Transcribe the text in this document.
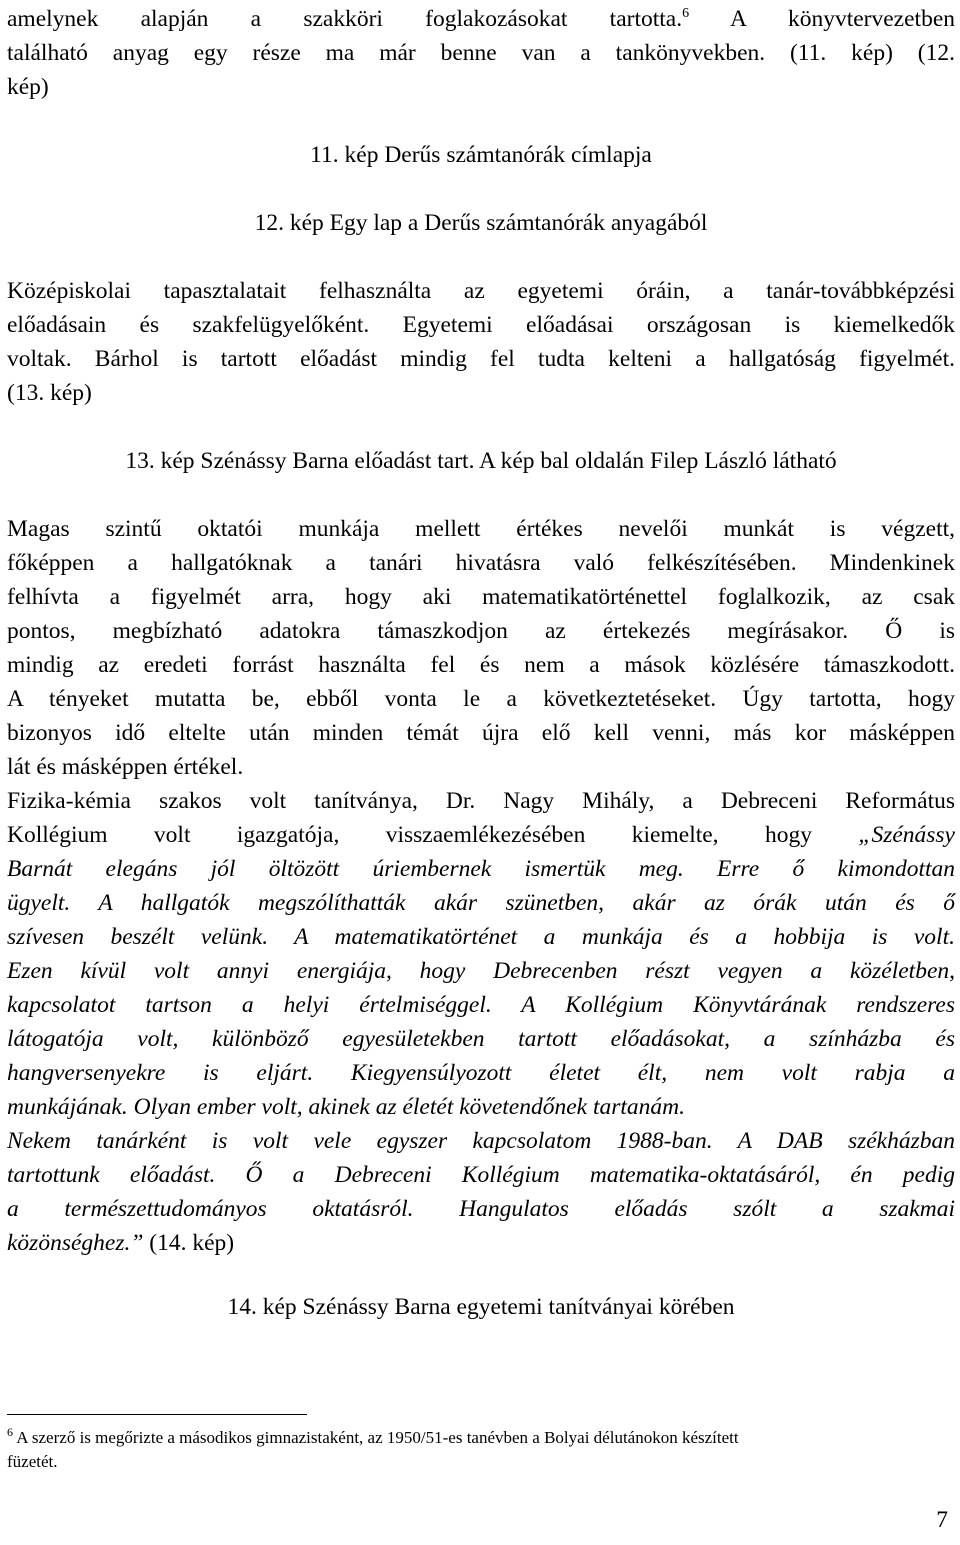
amelynek alapján a szakköri foglakozásokat tartotta.$^6$ A könyvtervezetben
található anyag egy része ma már benne van a tankönyvekben. (11. kép) (12.
kép)
11. kép Derűs számtanórák címlapja
12. kép Egy lap a Derűs számtanórák anyagából
Középiskolai tapasztalatait felhasználta az egyetemi óráin, a tanár-továbbképzési
előadásain és szakfelügyelőként. Egyetemi előadásai országosan is kiemelkedők
voltak. Bárhol is tartott előadást mindig fel tudta kelteni a hallgatóság figyelmét.
(13. kép)
13. kép Szénássy Barna előadást tart. A kép bal oldalán Filep László látható
Magas szintű oktatói munkája mellett értékes nevelői munkát is végzett,
főképpen a hallgatóknak a tanári hivatásra való felkészítésében. Mindenkinek
felhívta a figyelmét arra, hogy aki matematikatörténettel foglalkozik, az csak
pontos, megbízható adatokra támaszkodjon az értekezés megírásakor. Ő is
mindig az eredeti forrást használta fel és nem a mások közlésére támaszkodott.
A tényeket mutatta be, ebből vonta le a következtetéseket. Úgy tartotta, hogy
bizonyos idő eltelte után minden témát újra elő kell venni, más kor másképpen
lát és másképpen értékel.
Fizika-kémia szakos volt tanítványa, Dr. Nagy Mihály, a Debreceni Református
Kollégium volt igazgatója, visszaemlékezésében kiemelte, hogy „Szénássy
Barnát elegáns jól öltözött úriembernek ismertük meg. Erre ő kimondottan
ügyelt. A hallgatók megszólíthatták akár szünetben, akár az órák után és ő
szívesen beszélt velünk. A matematikatörténet a munkája és a hobbija is volt.
Ezen kívül volt annyi energiája, hogy Debrecenben részt vegyen a közéletben,
kapcsolatot tartson a helyi értelmiséggel. A Kollégium Könyvtárának rendszeres
látogatója volt, különböző egyesületekben tartott előadásokat, a színházba és
hangversenyekre is eljárt. Kiegyensúlyozott életet élt, nem volt rabja a
munkájának. Olyan ember volt, akinek az életét követendőnek tartanám.
Nekem tanárként is volt vele egyszer kapcsolatom 1988-ban. A DAB székházban
tartottunk előadást. Ő a Debreceni Kollégium matematika-oktatásáról, én pedig
a természettudományos oktatásról. Hangulatos előadás szólt a szakmai
közönséghez.” (14. kép)
14. kép Szénássy Barna egyetemi tanítványai körében
$^6$ A szerző is megőrizte a másodikos gimnazistaként, az 1950/51-es tanévben a Bolyai délutánokon készített
füzetét.
7
